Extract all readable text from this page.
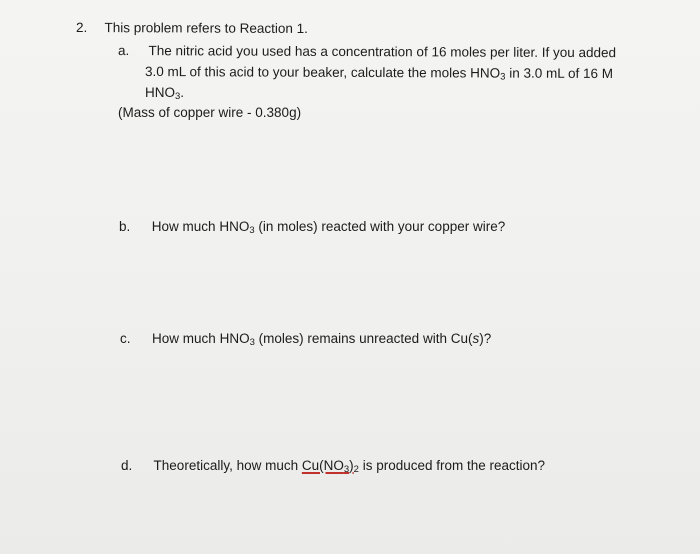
2. This problem refers to Reaction 1.
a. The nitric acid you used has a concentration of 16 moles per liter. If you added
3.0 mL of this acid to your beaker, calculate the moles $HNO_3$ in 3.0 mL of 16 M
$HNO_3$.
(Mass of copper wire - 0.380g)
b. How much $HNO_3$ (in moles) reacted with your copper wire?
c. How much $HNO_3$ (moles) remains unreacted with Cu(s)?
d. Theoretically, how much $Cu(NO_3)_2$ is produced from the reaction?
